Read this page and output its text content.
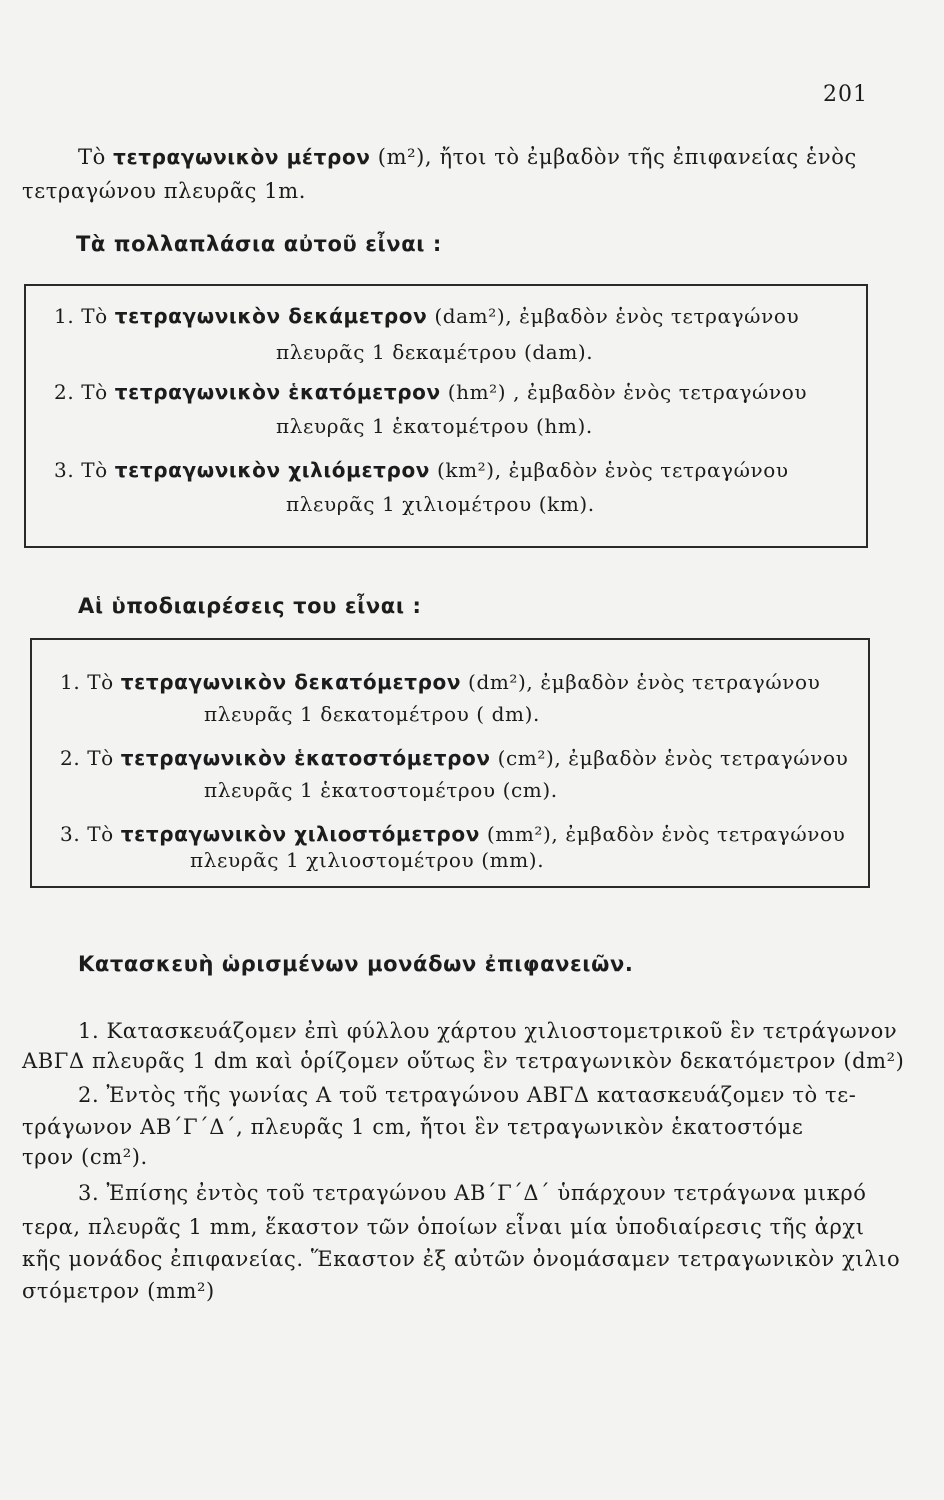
201
Τὸ τετραγωνικὸν μέτρον (m²), ἤτοι τὸ ἐμβαδὸν τῆς ἐπιφανείας ἑνὸς
τετραγώνου πλευρᾶς 1m.
Τὰ πολλαπλάσια αὐτοῦ εἶναι :
1. Τὸ τετραγωνικὸν δεκάμετρον (dam²), ἐμβαδὸν ἑνὸς τετραγώνου
πλευρᾶς 1 δεκαμέτρου (dam).
2. Τὸ τετραγωνικὸν ἑκατόμετρον (hm²) , ἐμβαδὸν ἑνὸς τετραγώνου
πλευρᾶς 1 ἑκατομέτρου (hm).
3. Τὸ τετραγωνικὸν χιλιόμετρον (km²), ἐμβαδὸν ἑνὸς τετραγώνου
πλευρᾶς 1 χιλιομέτρου (km).
Αἱ ὑποδιαιρέσεις του εἶναι :
1. Τὸ τετραγωνικὸν δεκατόμετρον (dm²), ἐμβαδὸν ἑνὸς τετραγώνου
πλευρᾶς 1 δεκατομέτρου ( dm).
2. Τὸ τετραγωνικὸν ἑκατοστόμετρον (cm²), ἐμβαδὸν ἑνὸς τετραγώνου
πλευρᾶς 1 ἑκατοστομέτρου (cm).
3. Τὸ τετραγωνικὸν χιλιοστόμετρον (mm²), ἐμβαδὸν ἑνὸς τετραγώνου
πλευρᾶς 1 χιλιοστομέτρου (mm).
Κατασκευὴ ὡρισμένων μονάδων ἐπιφανειῶν.
1. Κατασκευάζομεν ἐπὶ φύλλου χάρτου χιλιοστομετρικοῦ ἓν τετράγωνον
ΑΒΓΔ πλευρᾶς 1 dm καὶ ὁρίζομεν οὕτως ἓν τετραγωνικὸν δεκατόμετρον (dm²)
2. Ἐντὸς τῆς γωνίας Α τοῦ τετραγώνου ΑΒΓΔ κατασκευάζομεν τὸ τε-
τράγωνον ΑΒ΄Γ΄Δ΄, πλευρᾶς 1 cm, ἤτοι ἓν τετραγωνικὸν ἑκατοστόμε
τρον (cm²).
3. Ἐπίσης ἐντὸς τοῦ τετραγώνου ΑΒ΄Γ΄Δ΄ ὑπάρχουν τετράγωνα μικρό
τερα, πλευρᾶς 1 mm, ἕκαστον τῶν ὁποίων εἶναι μία ὑποδιαίρεσις τῆς ἀρχι
κῆς μονάδος ἐπιφανείας. Ἕκαστον ἐξ αὐτῶν ὀνομάσαμεν τετραγωνικὸν χιλιο
στόμετρον (mm²)
